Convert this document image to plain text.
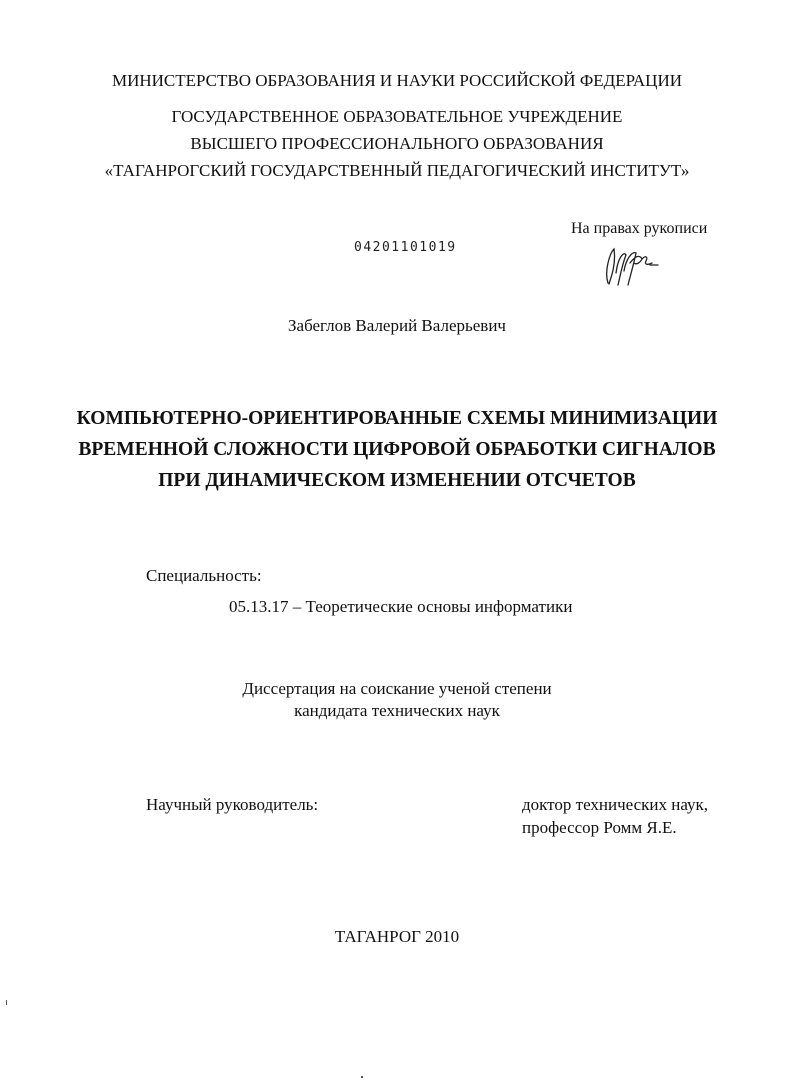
МИНИСТЕРСТВО ОБРАЗОВАНИЯ И НАУКИ РОССИЙСКОЙ ФЕДЕРАЦИИ
ГОСУДАРСТВЕННОЕ ОБРАЗОВАТЕЛЬНОЕ УЧРЕЖДЕНИЕ
ВЫСШЕГО ПРОФЕССИОНАЛЬНОГО ОБРАЗОВАНИЯ
«ТАГАНРОГСКИЙ ГОСУДАРСТВЕННЫЙ ПЕДАГОГИЧЕСКИЙ ИНСТИТУТ»
На правах рукописи
04201101019
Забеглов Валерий Валерьевич
КОМПЬЮТЕРНО-ОРИЕНТИРОВАННЫЕ СХЕМЫ МИНИМИЗАЦИИ
ВРЕМЕННОЙ СЛОЖНОСТИ ЦИФРОВОЙ ОБРАБОТКИ СИГНАЛОВ
ПРИ ДИНАМИЧЕСКОМ ИЗМЕНЕНИИ ОТСЧЕТОВ
Специальность:
05.13.17 – Теоретические основы информатики
Диссертация на соискание ученой степени
кандидата технических наук
Научный руководитель:	доктор технических наук,
профессор Ромм Я.Е.
ТАГАНРОГ 2010
